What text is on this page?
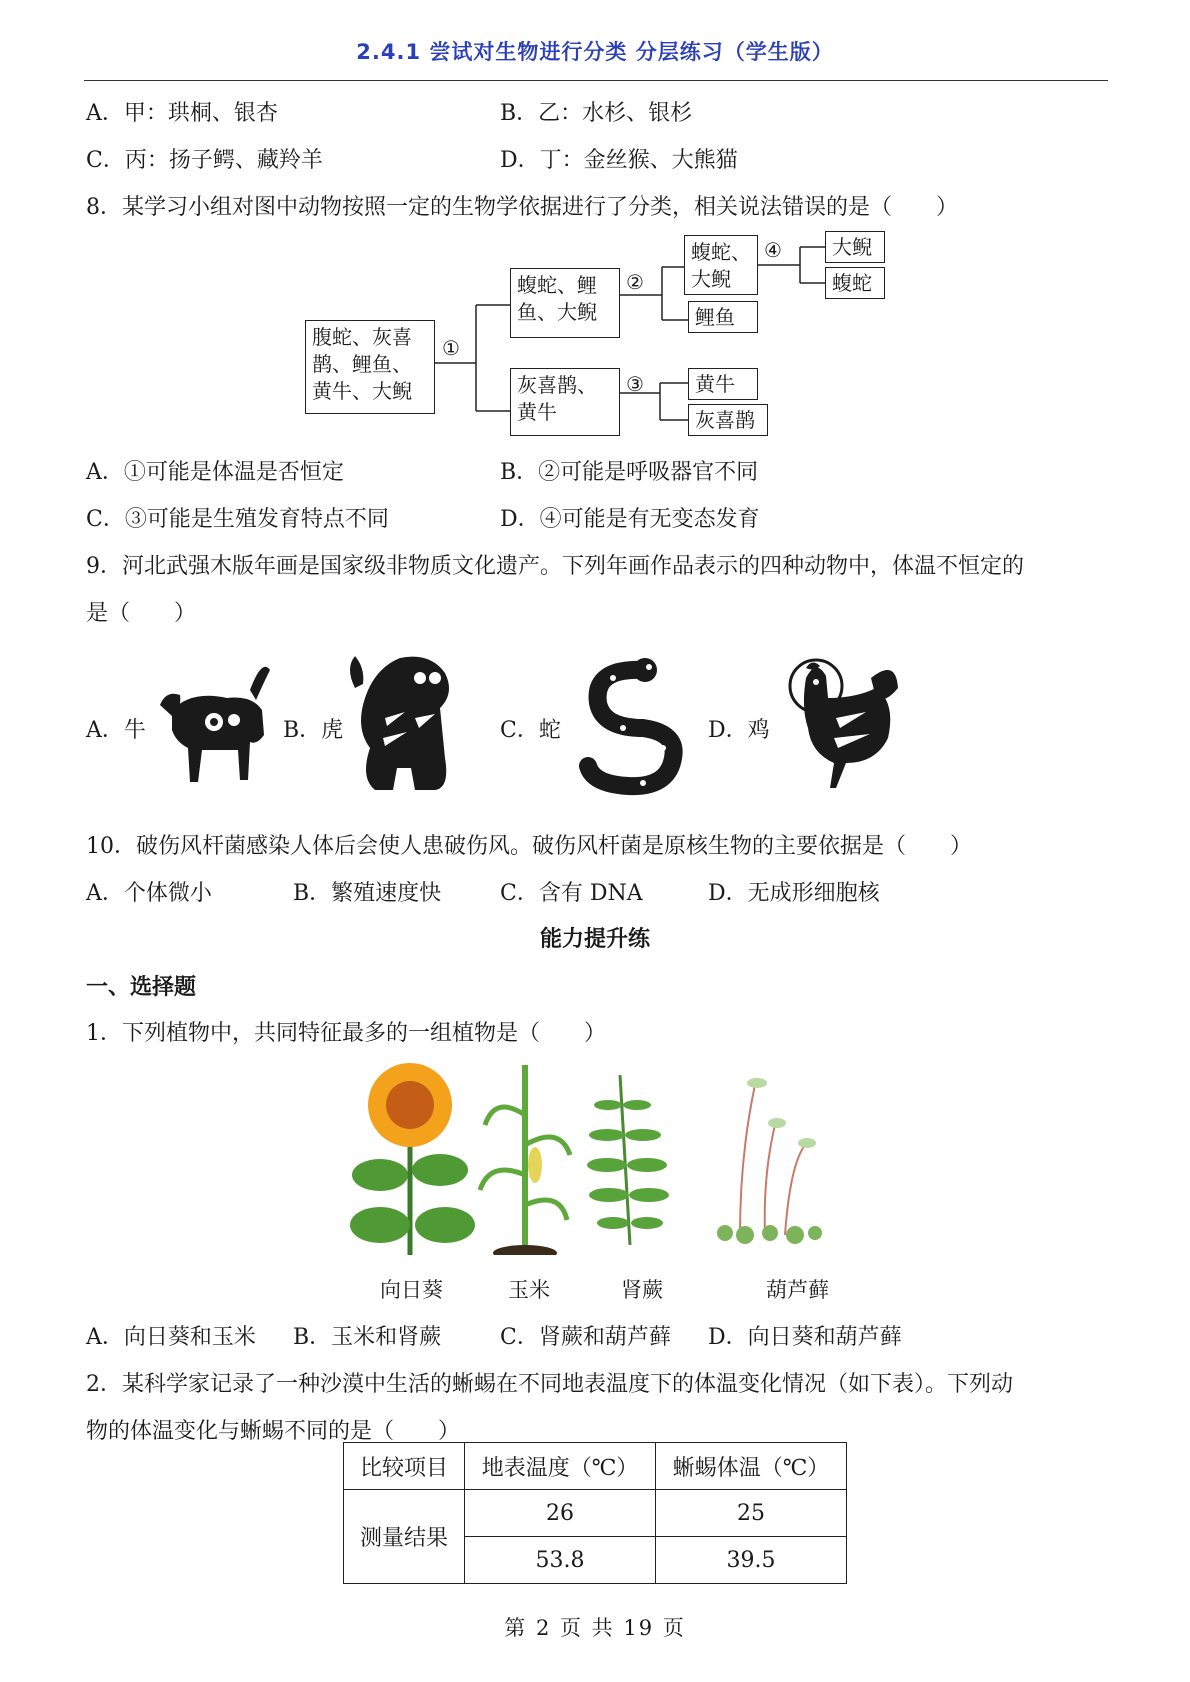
2.4.1 尝试对生物进行分类 分层练习（学生版）
A．甲：珙桐、银杏	B．乙：水杉、银杉
C．丙：扬子鳄、藏羚羊	D．丁：金丝猴、大熊猫
8．某学习小组对图中动物按照一定的生物学依据进行了分类，相关说法错误的是（　　）
腹蛇、灰喜鹊、鲤鱼、黄牛、大鲵
①
蝮蛇、鲤鱼、大鲵
②
灰喜鹊、黄牛
③
蝮蛇、大鲵
④
鲤鱼
大鲵
蝮蛇
黄牛
灰喜鹊
A．①可能是体温是否恒定	B．②可能是呼吸器官不同
C．③可能是生殖发育特点不同	D．④可能是有无变态发育
9．河北武强木版年画是国家级非物质文化遗产。下列年画作品表示的四种动物中，体温不恒定的
是（　　）
A．牛	B．虎	C．蛇	D．鸡
10．破伤风杆菌感染人体后会使人患破伤风。破伤风杆菌是原核生物的主要依据是（　　）
A．个体微小	B．繁殖速度快	C．含有 DNA	D．无成形细胞核
能力提升练
一、选择题
1．下列植物中，共同特征最多的一组植物是（　　）
向日葵	玉米	肾蕨	葫芦藓
A．向日葵和玉米 B．玉米和肾蕨	C．肾蕨和葫芦藓 D．向日葵和葫芦藓
2．某科学家记录了一种沙漠中生活的蜥蜴在不同地表温度下的体温变化情况（如下表）。下列动
物的体温变化与蜥蜴不同的是（　　）
比较项目	地表温度（℃）	蜥蜴体温（℃）
测量结果	26	25
	53.8	39.5
第 2 页 共 19 页
